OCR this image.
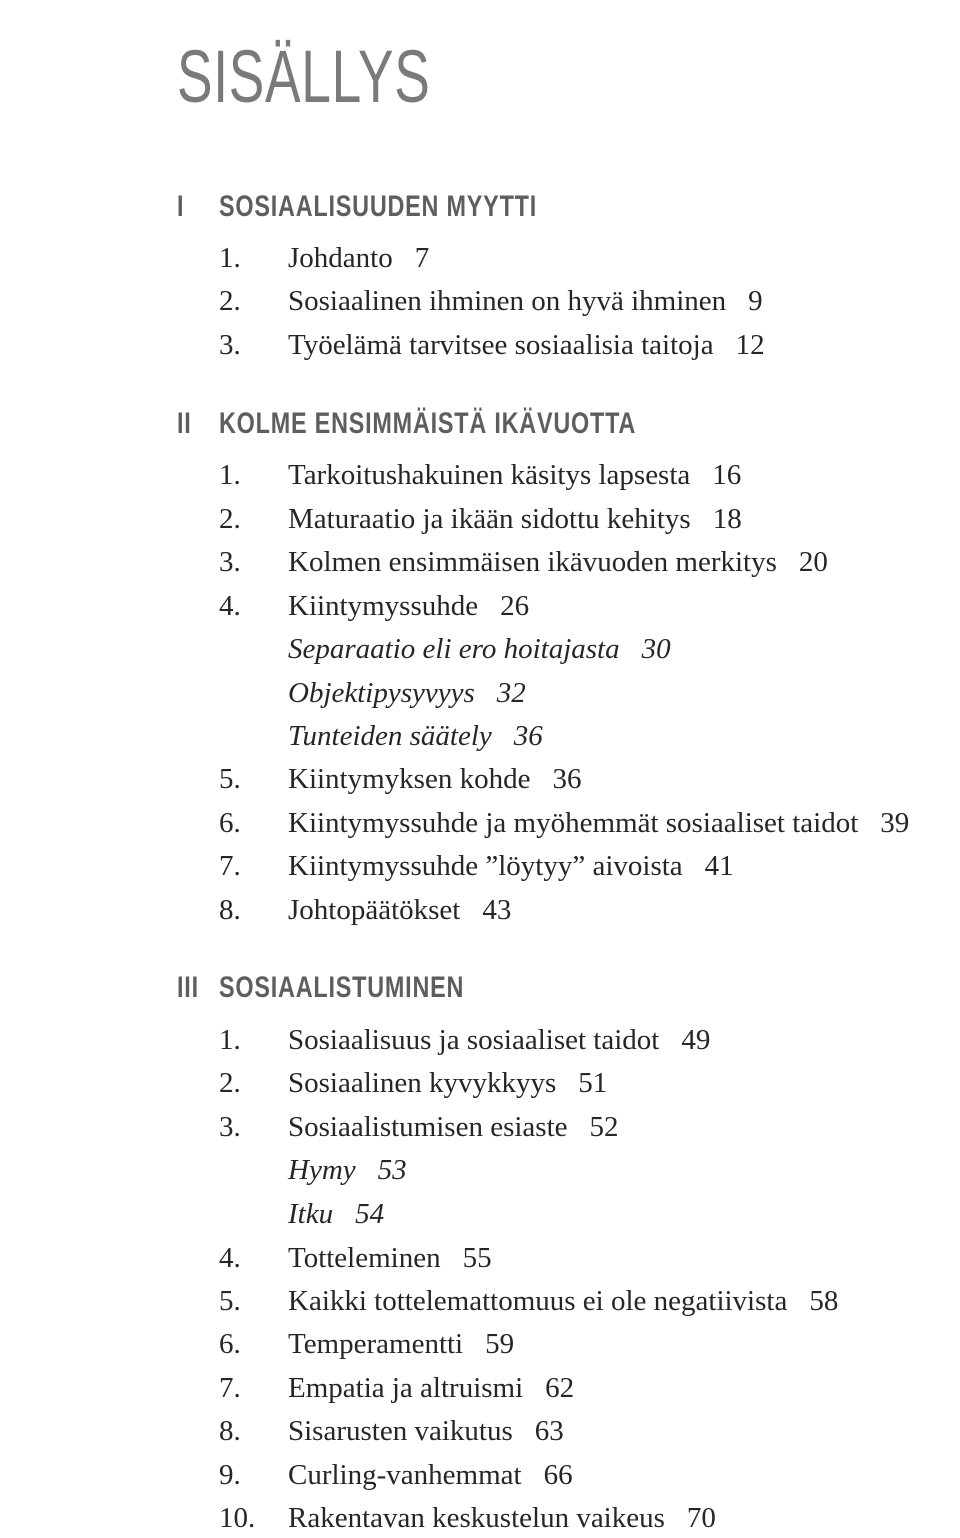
SISÄLLYS
I SOSIAALISUUDEN MYYTTI
1. Johdanto 7
2. Sosiaalinen ihminen on hyvä ihminen 9
3. Työelämä tarvitsee sosiaalisia taitoja 12
II KOLME ENSIMMÄISTÄ IKÄVUOTTA
1. Tarkoitushakuinen käsitys lapsesta 16
2. Maturaatio ja ikään sidottu kehitys 18
3. Kolmen ensimmäisen ikävuoden merkitys 20
4. Kiintymyssuhde 26
Separaatio eli ero hoitajasta 30
Objektipysyvyys 32
Tunteiden säätely 36
5. Kiintymyksen kohde 36
6. Kiintymyssuhde ja myöhemmät sosiaaliset taidot 39
7. Kiintymyssuhde ”löytyy” aivoista 41
8. Johtopäätökset 43
III SOSIAALISTUMINEN
1. Sosiaalisuus ja sosiaaliset taidot 49
2. Sosiaalinen kyvykkyys 51
3. Sosiaalistumisen esiaste 52
Hymy 53
Itku 54
4. Totteleminen 55
5. Kaikki tottelemattomuus ei ole negatiivista 58
6. Temperamentti 59
7. Empatia ja altruismi 62
8. Sisarusten vaikutus 63
9. Curling-vanhemmat 66
10. Rakentavan keskustelun vaikeus 70
